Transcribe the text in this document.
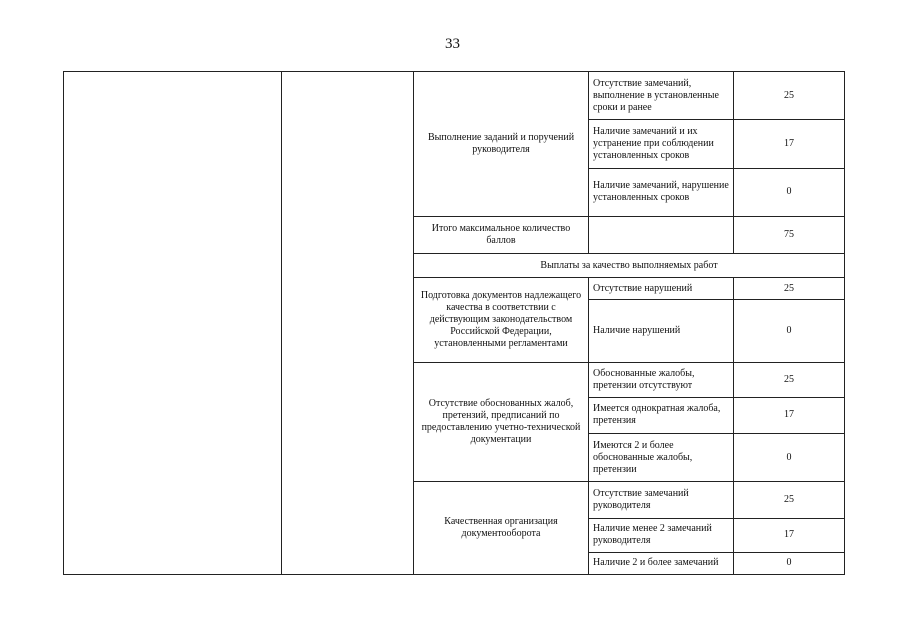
33
		Выполнение заданий и поручений руководителя	Отсутствие замечаний, выполнение в установленные сроки и ранее	25
			Наличие замечаний и их устранение при соблюдении установленных сроков	17
			Наличие замечаний, нарушение установленных сроков	0
		Итого максимальное количество баллов		75
		Выплаты за качество выполняемых работ		
		Подготовка документов надлежащего качества в соответствии с действующим законодательством Российской Федерации, установленными регламентами	Отсутствие нарушений	25
			Наличие нарушений	0
		Отсутствие обоснованных жалоб, претензий, предписаний по предоставлению учетно-технической документации	Обоснованные жалобы, претензии отсутствуют	25
			Имеется однократная жалоба, претензия	17
			Имеются 2 и более обоснованные жалобы, претензии	0
		Качественная организация документооборота	Отсутствие замечаний руководителя	25
			Наличие менее 2 замечаний руководителя	17
			Наличие 2 и более замечаний	0
